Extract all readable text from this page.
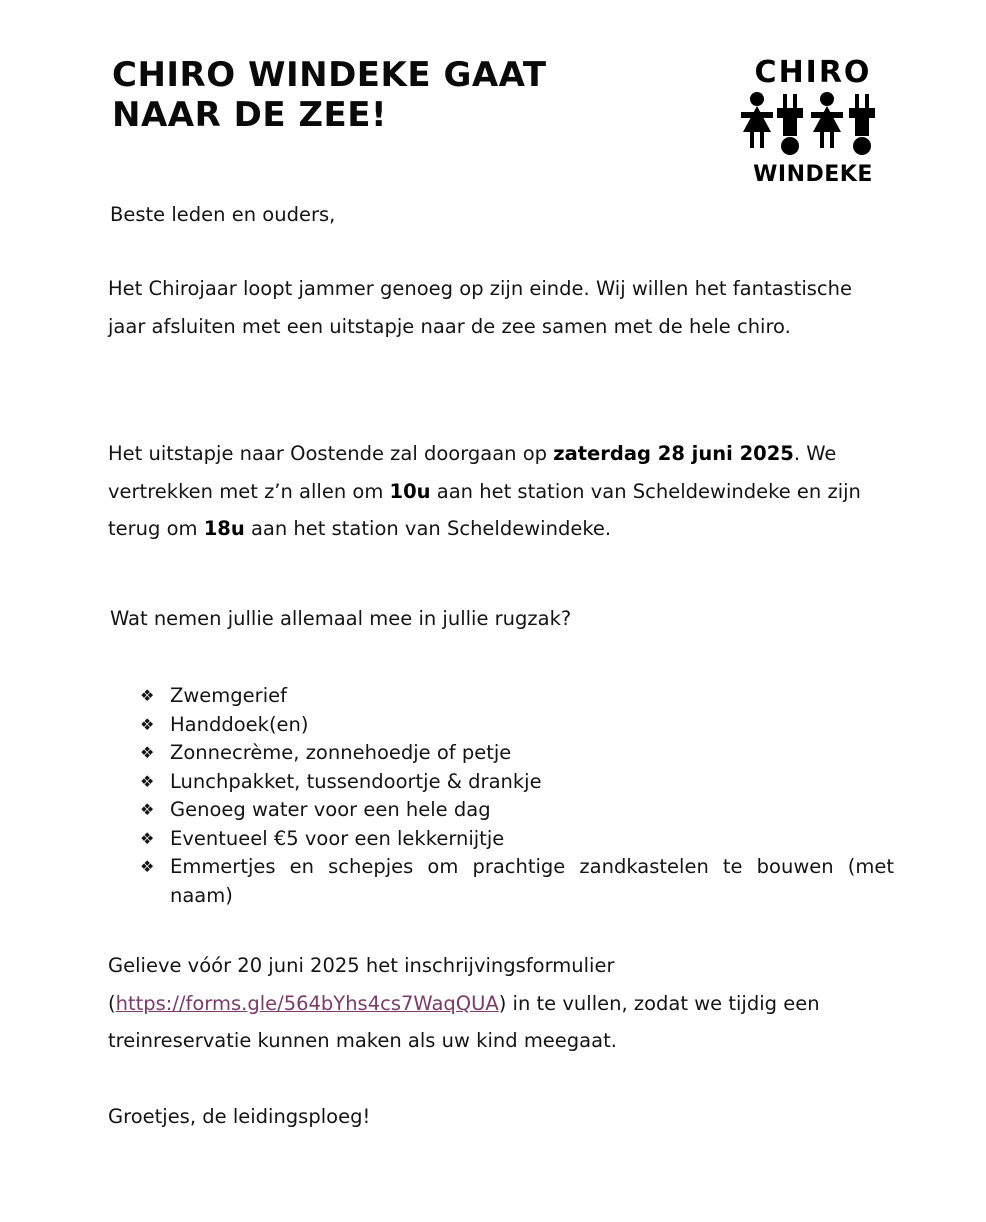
CHIRO WINDEKE GAAT
NAAR DE ZEE!
CHIRO
WINDEKE

Beste leden en ouders,

Het Chirojaar loopt jammer genoeg op zijn einde. Wij willen het fantastische jaar afsluiten met een uitstapje naar de zee samen met de hele chiro.

Het uitstapje naar Oostende zal doorgaan op zaterdag 28 juni 2025. We vertrekken met z’n allen om 10u aan het station van Scheldewindeke en zijn terug om 18u aan het station van Scheldewindeke.

Wat nemen jullie allemaal mee in jullie rugzak?

❖ Zwemgerief
❖ Handdoek(en)
❖ Zonnecrème, zonnehoedje of petje
❖ Lunchpakket, tussendoortje & drankje
❖ Genoeg water voor een hele dag
❖ Eventueel €5 voor een lekkernijtje
❖ Emmertjes en schepjes om prachtige zandkastelen te bouwen (met naam)

Gelieve vóór 20 juni 2025 het inschrijvingsformulier (https://forms.gle/564bYhs4cs7WaqQUA) in te vullen, zodat we tijdig een treinreservatie kunnen maken als uw kind meegaat.

Groetjes, de leidingsploeg!
